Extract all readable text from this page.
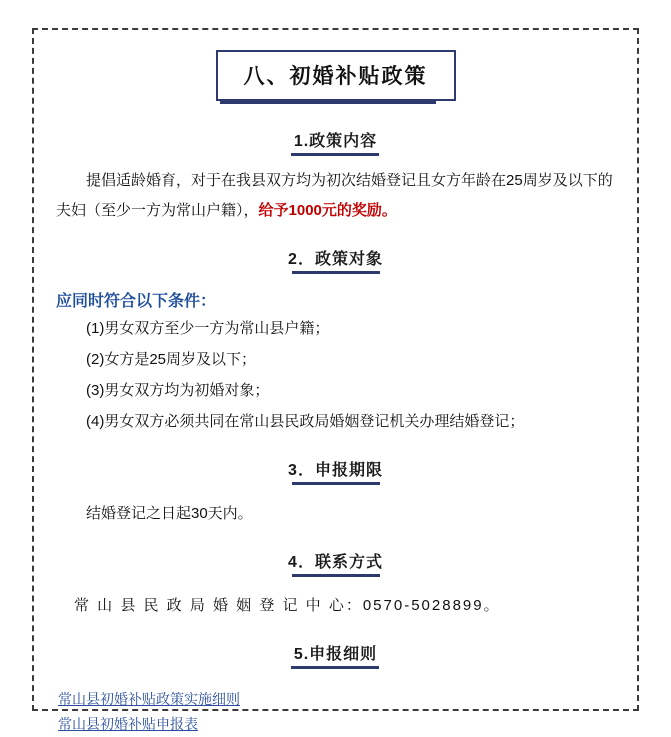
八、初婚补贴政策
1.政策内容

提倡适龄婚育，对于在我县双方均为初次结婚登记且女方年龄在25周岁及以下的夫妇（至少一方为常山户籍），给予1000元的奖励。

2．政策对象
应同时符合以下条件：
(1)男女双方至少一方为常山县户籍；
(2)女方是25周岁及以下；
(3)男女双方均为初婚对象；
(4)男女双方必须共同在常山县民政局婚姻登记机关办理结婚登记；
3．申报期限

结婚登记之日起30天内。

4．联系方式

常 山 县 民 政 局 婚 姻 登 记 中 心：0570-5028899。

5.申报细则
常山县初婚补贴政策实施细则
常山县初婚补贴申报表
